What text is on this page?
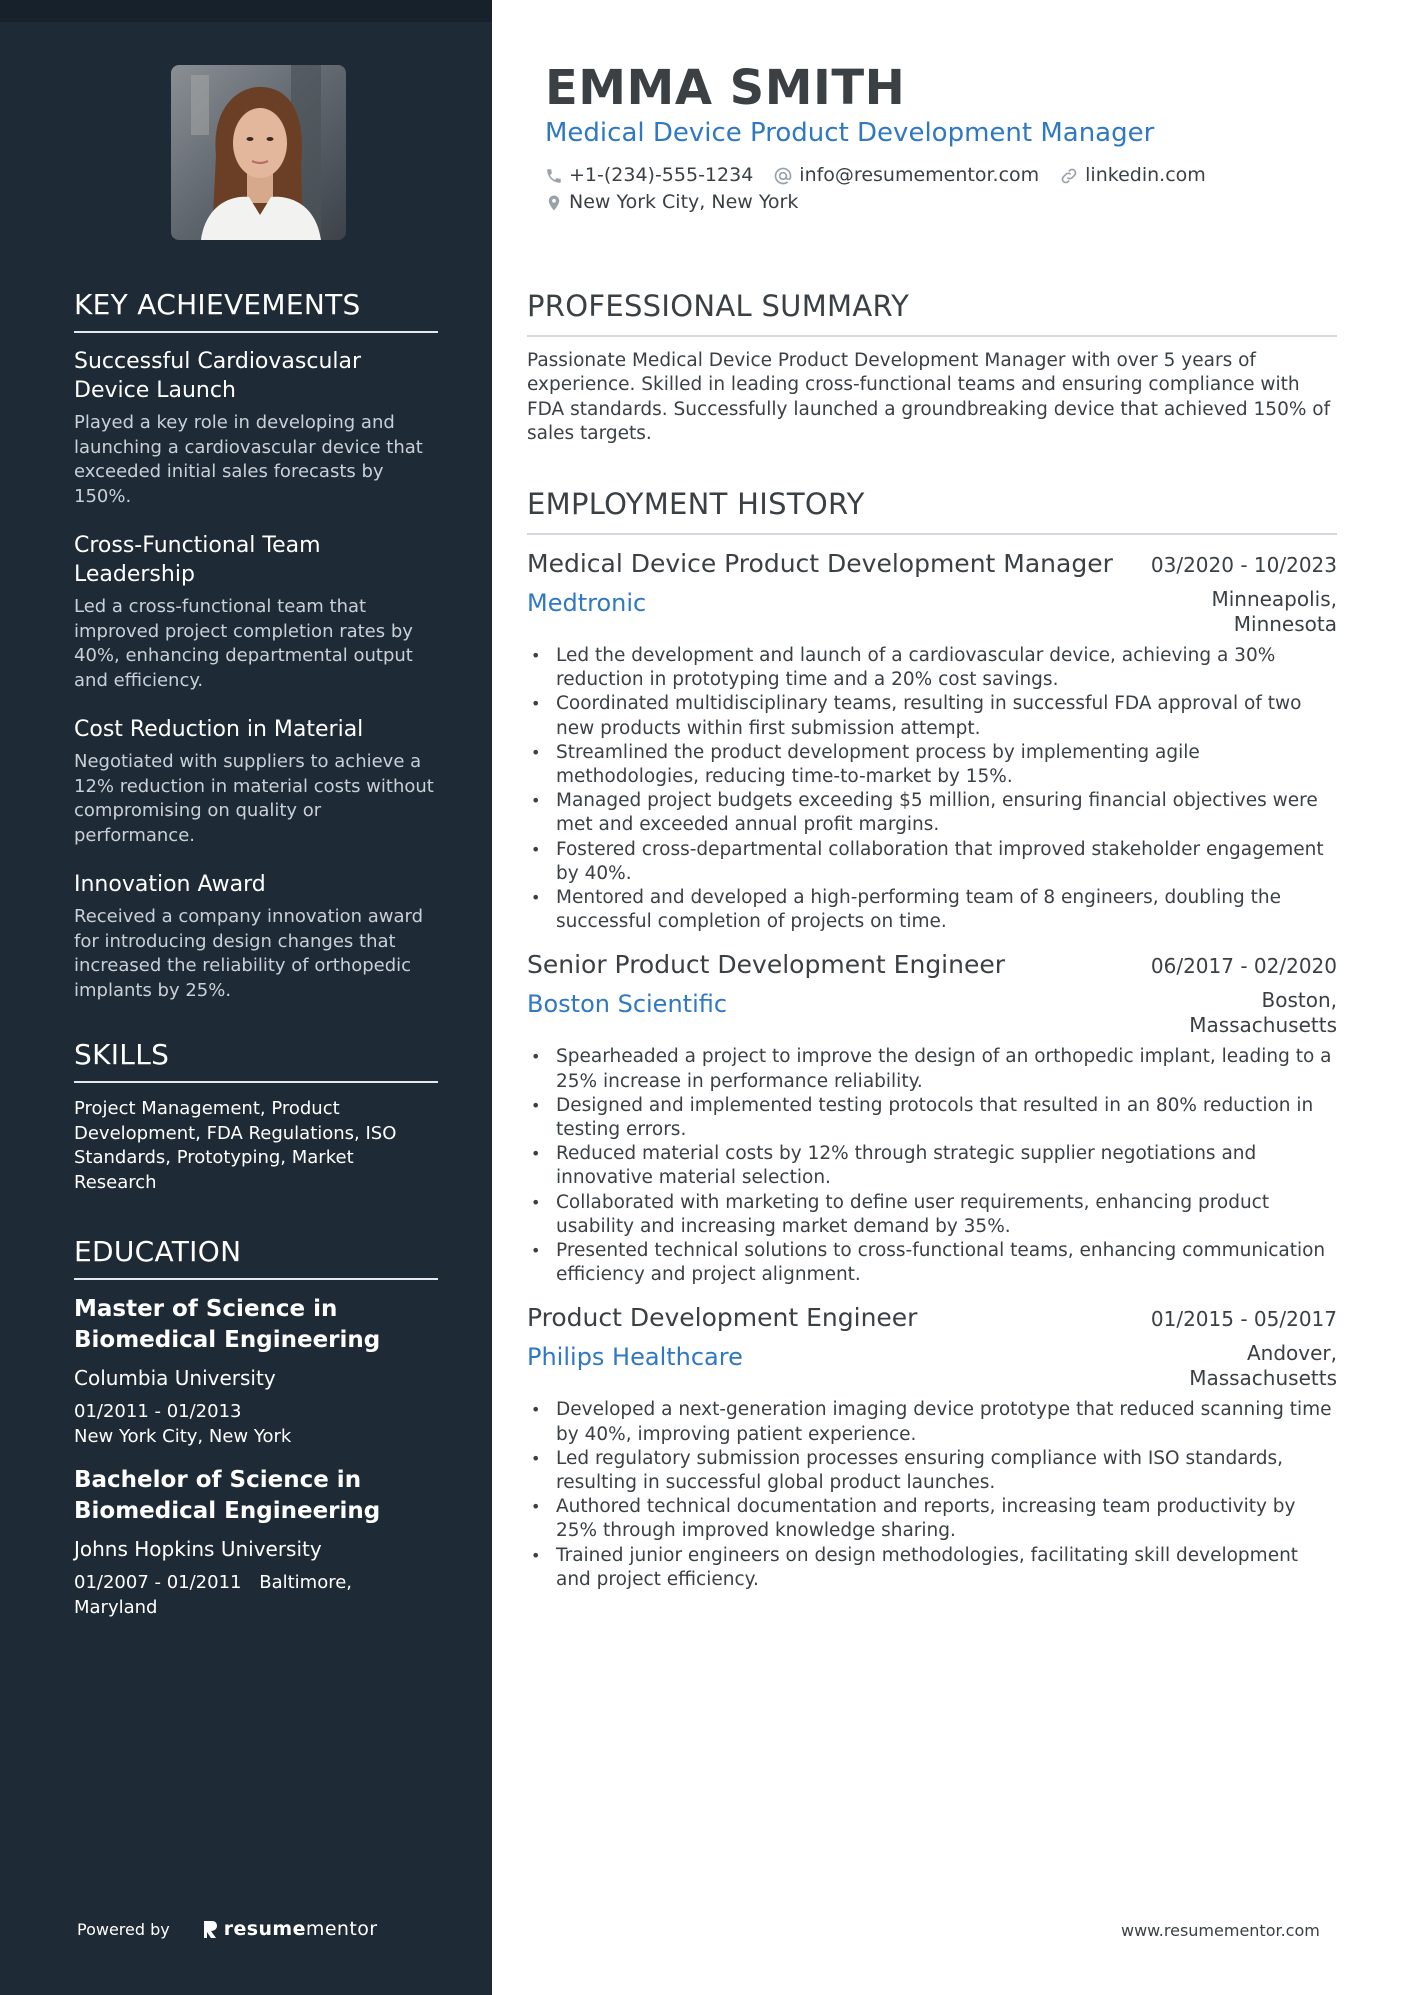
KEY ACHIEVEMENTS
Successful Cardiovascular Device Launch
Played a key role in developing and launching a cardiovascular device that exceeded initial sales forecasts by 150%.
Cross-Functional Team Leadership
Led a cross-functional team that improved project completion rates by 40%, enhancing departmental output and efficiency.
Cost Reduction in Material
Negotiated with suppliers to achieve a 12% reduction in material costs without compromising on quality or performance.
Innovation Award
Received a company innovation award for introducing design changes that increased the reliability of orthopedic implants by 25%.
SKILLS
Project Management, Product Development, FDA Regulations, ISO Standards, Prototyping, Market Research
EDUCATION
Master of Science in Biomedical Engineering
Columbia University
01/2011 - 01/2013
New York City, New York
Bachelor of Science in Biomedical Engineering
Johns Hopkins University
01/2007 - 01/2011 Baltimore, Maryland
Powered by	resumementor
EMMA SMITH
Medical Device Product Development Manager
+1-(234)-555-1234 info@resumementor.com linkedin.com
New York City, New York
PROFESSIONAL SUMMARY

Passionate Medical Device Product Development Manager with over 5 years of experience. Skilled in leading cross-functional teams and ensuring compliance with FDA standards. Successfully launched a groundbreaking device that achieved 150% of sales targets.

EMPLOYMENT HISTORY
Medical Device Product Development Manager 03/2020 - 10/2023
Medtronic	Minneapolis, Minnesota
• Led the development and launch of a cardiovascular device, achieving a 30% reduction in prototyping time and a 20% cost savings.
• Coordinated multidisciplinary teams, resulting in successful FDA approval of two new products within first submission attempt.
• Streamlined the product development process by implementing agile methodologies, reducing time-to-market by 15%.
• Managed project budgets exceeding $5 million, ensuring financial objectives were met and exceeded annual profit margins.
• Fostered cross-departmental collaboration that improved stakeholder engagement by 40%.
• Mentored and developed a high-performing team of 8 engineers, doubling the successful completion of projects on time.
Senior Product Development Engineer	06/2017 - 02/2020
Boston Scientific	Boston, Massachusetts
• Spearheaded a project to improve the design of an orthopedic implant, leading to a 25% increase in performance reliability.
• Designed and implemented testing protocols that resulted in an 80% reduction in testing errors.
• Reduced material costs by 12% through strategic supplier negotiations and innovative material selection.
• Collaborated with marketing to define user requirements, enhancing product usability and increasing market demand by 35%.
• Presented technical solutions to cross-functional teams, enhancing communication efficiency and project alignment.
Product Development Engineer	01/2015 - 05/2017
Philips Healthcare	Andover, Massachusetts
• Developed a next-generation imaging device prototype that reduced scanning time by 40%, improving patient experience.
• Led regulatory submission processes ensuring compliance with ISO standards, resulting in successful global product launches.
• Authored technical documentation and reports, increasing team productivity by 25% through improved knowledge sharing.
• Trained junior engineers on design methodologies, facilitating skill development and project efficiency.
www.resumementor.com
